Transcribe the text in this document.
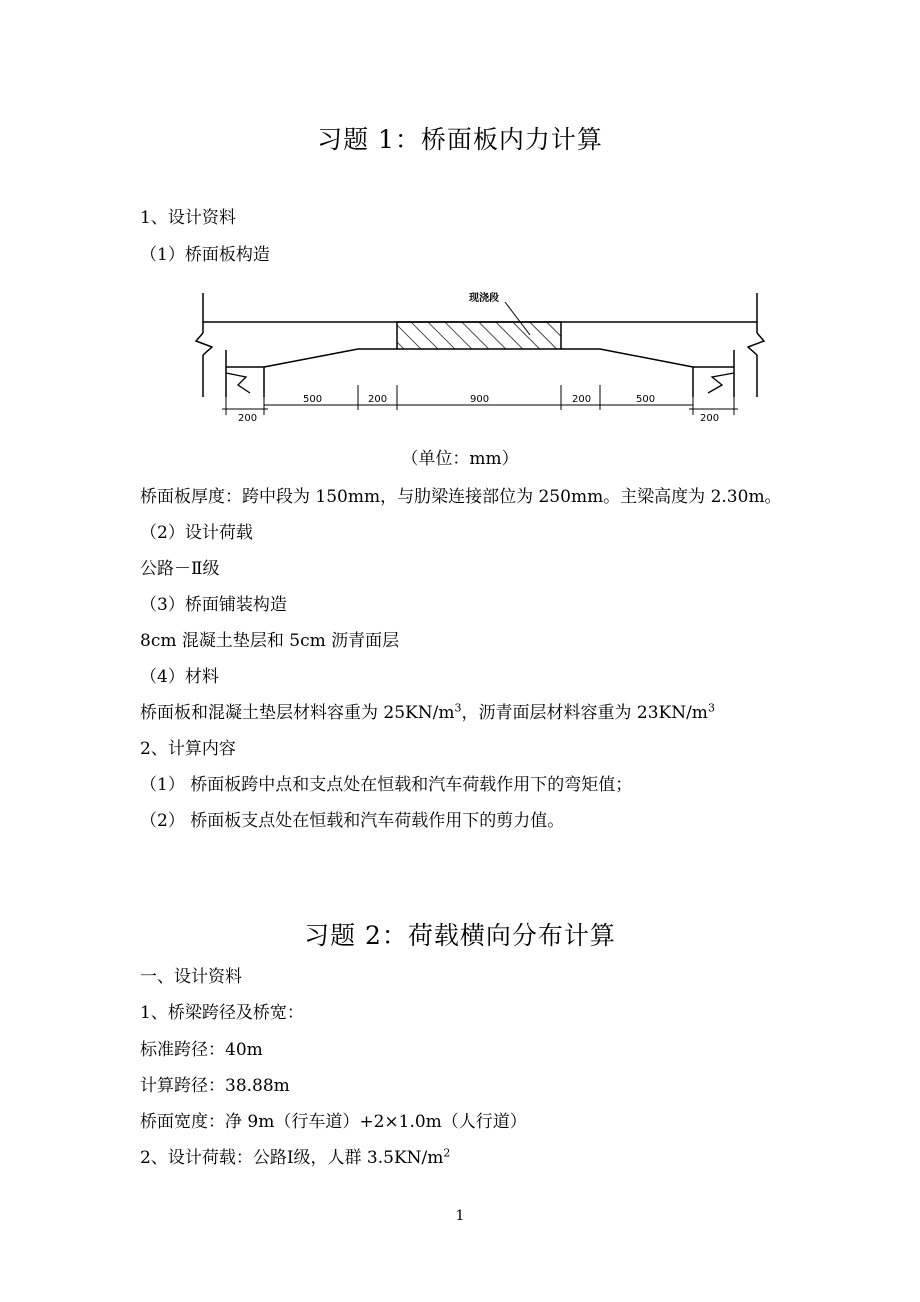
习题 1：桥面板内力计算
1、设计资料
（1）桥面板构造
现浇段
200
500	200	900	200	500
200
（单位：mm）
桥面板厚度：跨中段为 150mm，与肋梁连接部位为 250mm。主梁高度为 2.30m。
（2）设计荷载
公路－Ⅱ级
（3）桥面铺装构造
8cm 混凝土垫层和 5cm 沥青面层
（4）材料
桥面板和混凝土垫层材料容重为 $25KN/m^3$，沥青面层材料容重为 $23KN/m^3$
2、计算内容
（1） 桥面板跨中点和支点处在恒载和汽车荷载作用下的弯矩值；
（2） 桥面板支点处在恒载和汽车荷载作用下的剪力值。
习题 2：荷载横向分布计算
一、设计资料
1、桥梁跨径及桥宽：
标准跨径：40m
计算跨径：38.88m
桥面宽度：净 9m（行车道）+2×1.0m（人行道）
2、设计荷载：公路Ⅰ级，人群 $3.5KN/m^2$
1
